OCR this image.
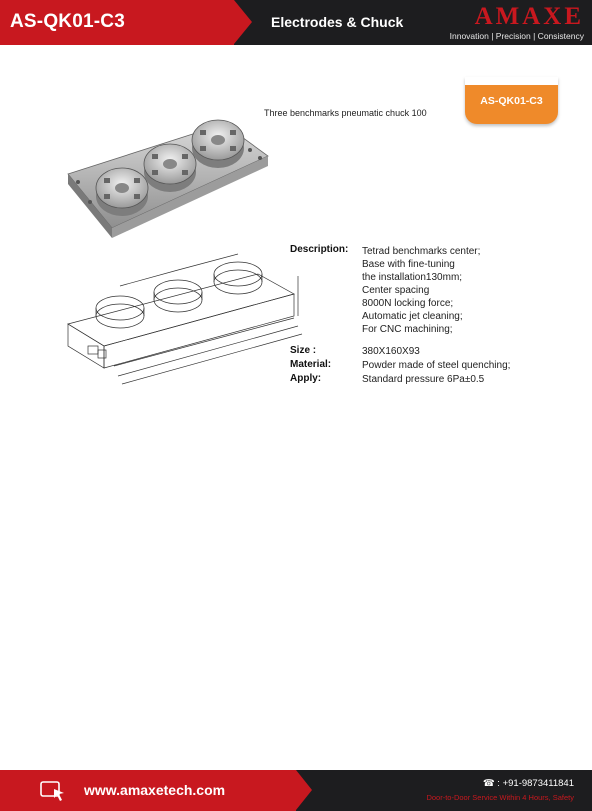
AS-QK01-C3	Electrodes & Chuck	AMAXE
Innovation | Precision | Consistency
AS-QK01-C3
Three benchmarks pneumatic chuck 100
Description: Tetrad benchmarks center;
Base with fine-tuning
the installation130mm;
Center spacing
8000N locking force;
Automatic jet cleaning;
For CNC machining;
Size :	380X160X93
Material:	Powder made of steel quenching;
Apply:	Standard pressure 6Pa±0.5
www.amaxetech.com	☎ : +91-9873411841
Door-to-Door Service Within 4 Hours, Safety
